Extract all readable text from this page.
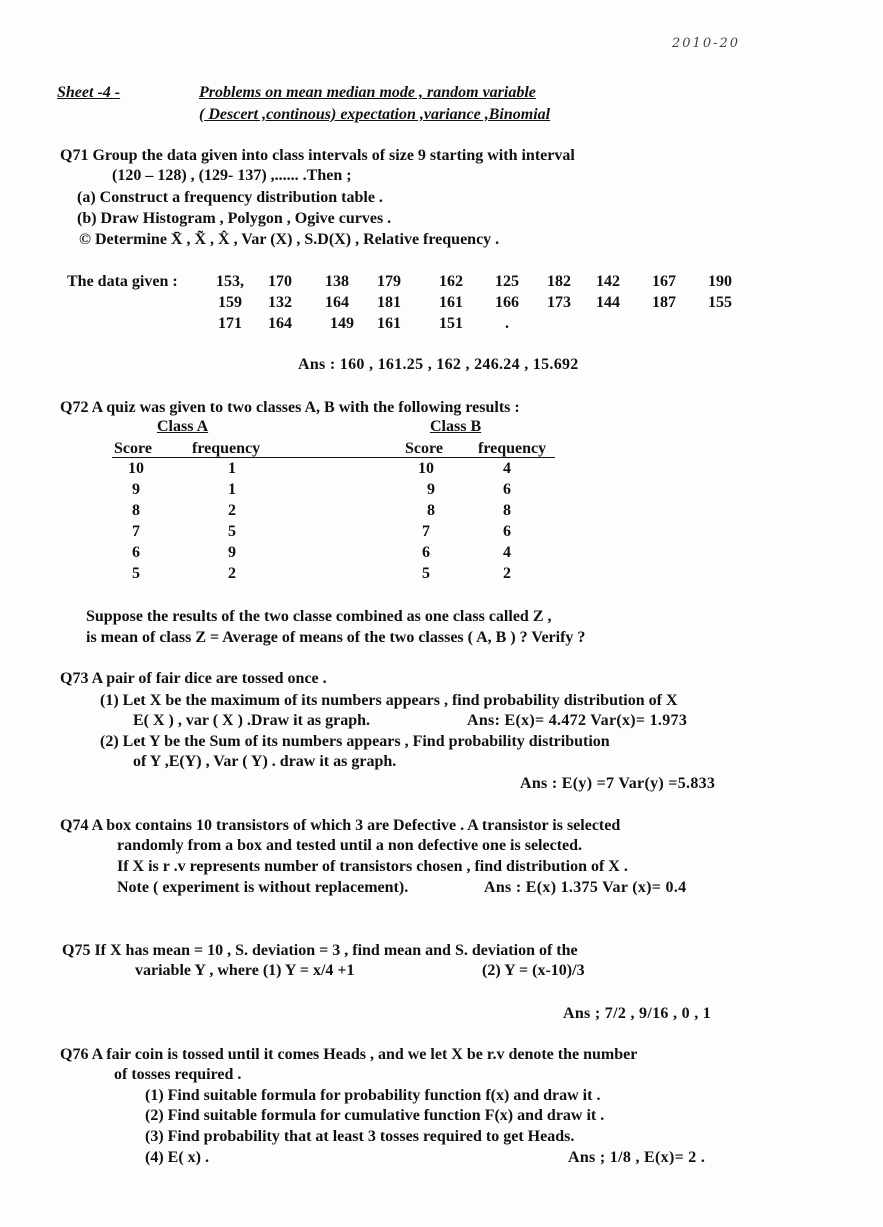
2010-20
Sheet -4 -	Problems on mean median mode , random variable
( Descert ,continous) expectation ,variance ,Binomial
Q71 Group the data given into class intervals of size 9 starting with interval
(120 – 128) , (129- 137) ,...... .Then ;
(a) Construct a frequency distribution table .
(b) Draw Histogram , Polygon , Ogive curves .
© Determine X̄ , X̃ , X̂ , Var (X) , S.D(X) , Relative frequency .
The data given :	153,	170	138	179	162	125	182	142	167	190
159	132	164	181	161	166	173	144	187	155
171	164	149	161	151	.
Ans : 160 , 161.25 , 162 , 246.24 , 15.692
Q72 A quiz was given to two classes A, B with the following results :
Class A
Score	frequency
10	1
9	1
8	2
7	5
6	9
5	2
Class B
Score frequency
10	4
9	6
8	8
7	6
6	4
5	2
Suppose the results of the two classe combined as one class called Z ,
is mean of class Z = Average of means of the two classes ( A, B ) ? Verify ?
Q73 A pair of fair dice are tossed once .
(1) Let X be the maximum of its numbers appears , find probability distribution of X
E( X ) , var ( X ) .Draw it as graph.	Ans: E(x)= 4.472 Var(x)= 1.973
(2) Let Y be the Sum of its numbers appears , Find probability distribution
of Y ,E(Y) , Var ( Y) . draw it as graph.
Ans : E(y) =7 Var(y) =5.833
Q74 A box contains 10 transistors of which 3 are Defective . A transistor is selected
randomly from a box and tested until a non defective one is selected.
If X is r .v represents number of transistors chosen , find distribution of X .
Note ( experiment is without replacement).	Ans : E(x) 1.375 Var (x)= 0.4
Q75 If X has mean = 10 , S. deviation = 3 , find mean and S. deviation of the
variable Y , where (1) Y = x/4 +1	(2) Y = (x-10)/3
Ans ; 7/2 , 9/16 , 0 , 1
Q76 A fair coin is tossed until it comes Heads , and we let X be r.v denote the number
of tosses required .
(1) Find suitable formula for probability function f(x) and draw it .
(2) Find suitable formula for cumulative function F(x) and draw it .
(3) Find probability that at least 3 tosses required to get Heads.
(4) E( x) .	Ans ; 1/8 , E(x)= 2 .
